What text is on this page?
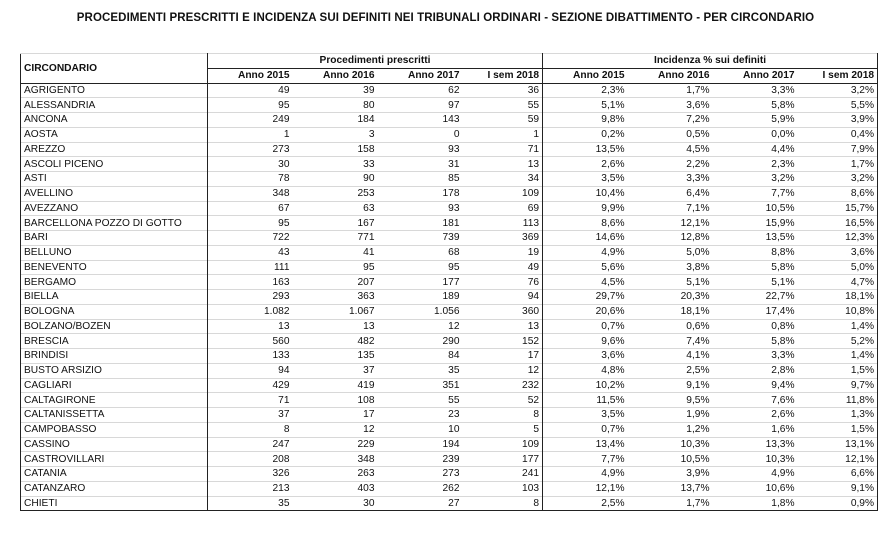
PROCEDIMENTI PRESCRITTI E INCIDENZA SUI DEFINITI NEI TRIBUNALI ORDINARI - SEZIONE DIBATTIMENTO - PER CIRCONDARIO
CIRCONDARIO	Procedimenti prescritti				Incidenza % sui definiti			
	Anno 2015	Anno 2016	Anno 2017	I sem 2018	Anno 2015	Anno 2016	Anno 2017	I sem 2018
AGRIGENTO	49	39	62	36	2,3%	1,7%	3,3%	3,2%
ALESSANDRIA	95	80	97	55	5,1%	3,6%	5,8%	5,5%
ANCONA	249	184	143	59	9,8%	7,2%	5,9%	3,9%
AOSTA	1	3	0	1	0,2%	0,5%	0,0%	0,4%
AREZZO	273	158	93	71	13,5%	4,5%	4,4%	7,9%
ASCOLI PICENO	30	33	31	13	2,6%	2,2%	2,3%	1,7%
ASTI	78	90	85	34	3,5%	3,3%	3,2%	3,2%
AVELLINO	348	253	178	109	10,4%	6,4%	7,7%	8,6%
AVEZZANO	67	63	93	69	9,9%	7,1%	10,5%	15,7%
BARCELLONA POZZO DI GOTTO	95	167	181	113	8,6%	12,1%	15,9%	16,5%
BARI	722	771	739	369	14,6%	12,8%	13,5%	12,3%
BELLUNO	43	41	68	19	4,9%	5,0%	8,8%	3,6%
BENEVENTO	111	95	95	49	5,6%	3,8%	5,8%	5,0%
BERGAMO	163	207	177	76	4,5%	5,1%	5,1%	4,7%
BIELLA	293	363	189	94	29,7%	20,3%	22,7%	18,1%
BOLOGNA	1.082	1.067	1.056	360	20,6%	18,1%	17,4%	10,8%
BOLZANO/BOZEN	13	13	12	13	0,7%	0,6%	0,8%	1,4%
BRESCIA	560	482	290	152	9,6%	7,4%	5,8%	5,2%
BRINDISI	133	135	84	17	3,6%	4,1%	3,3%	1,4%
BUSTO ARSIZIO	94	37	35	12	4,8%	2,5%	2,8%	1,5%
CAGLIARI	429	419	351	232	10,2%	9,1%	9,4%	9,7%
CALTAGIRONE	71	108	55	52	11,5%	9,5%	7,6%	11,8%
CALTANISSETTA	37	17	23	8	3,5%	1,9%	2,6%	1,3%
CAMPOBASSO	8	12	10	5	0,7%	1,2%	1,6%	1,5%
CASSINO	247	229	194	109	13,4%	10,3%	13,3%	13,1%
CASTROVILLARI	208	348	239	177	7,7%	10,5%	10,3%	12,1%
CATANIA	326	263	273	241	4,9%	3,9%	4,9%	6,6%
CATANZARO	213	403	262	103	12,1%	13,7%	10,6%	9,1%
CHIETI	35	30	27	8	2,5%	1,7%	1,8%	0,9%
